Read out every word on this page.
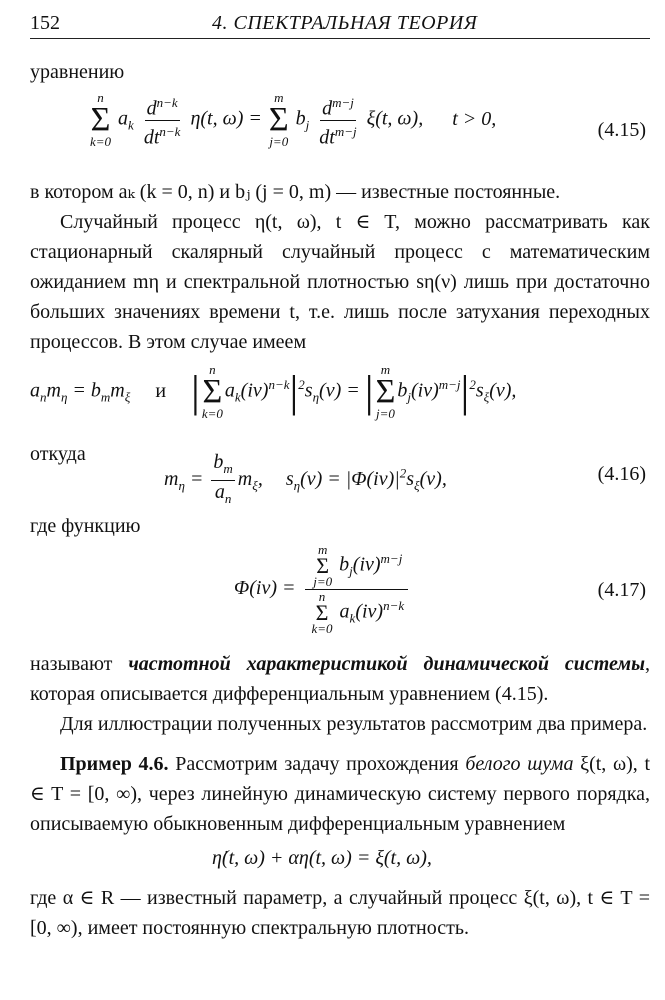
152	4. СПЕКТРАЛЬНАЯ ТЕОРИЯ

уравнению

n
Σ
k=0
$a_k \frac{d^{n-k}}{dt^{n-k}} \eta(t$, ω) =
m
Σ
j=0
$b_j \frac{d^{m-j}}{dt^{m-j}} \xi(t$, ω), t > 0,
(4.15)

в котором aₖ (k = 0, n) и bⱼ (j = 0, m) — известные постоянные.

Случайный процесс η(t, ω), t ∈ T, можно рассматривать как стационарный скалярный случайный процесс с математическим ожиданием mη и спектральной плотностью sη(ν) лишь при достаточно больших значениях времени t, т.е. лишь после затухания переходных процессов. В этом случае имеем

$a_nm_\eta = b_mm_\xi$ и | n
Σ
k=0
$a_k(i\nu)^{n-k}|^2s_\eta(\nu)$ = | m
Σ
j=0
$b_j(i\nu)^{m-j}|^2s_\xi(\nu)$,

откуда

$m_\eta = \frac{b_m}{a_n} m_\xi$, $s_\eta(\nu) = |\Phi(i\nu)|^2s_\xi(\nu)$,	(4.16)

где функцию

Φ(iν) = m
Σ
j=0
$b_j(i\nu)^{m-j}$
n
Σ
k=0
$a_k(i\nu)^{n-k}$	(4.17)

называют частотной характеристикой динамической системы, которая описывается дифференциальным уравнением (4.15).

Для иллюстрации полученных результатов рассмотрим два примера.

Пример 4.6. Рассмотрим задачу прохождения белого шума ξ(t, ω), t ∈ T = [0, ∞), через линейную динамическую систему первого порядка, описываемую обыкновенным дифференциальным уравнением

η̇(t, ω) + αη(t, ω) = ξ(t, ω),

где α ∈ R — известный параметр, а случайный процесс ξ(t, ω), t ∈ T = [0, ∞), имеет постоянную спектральную плотность.
